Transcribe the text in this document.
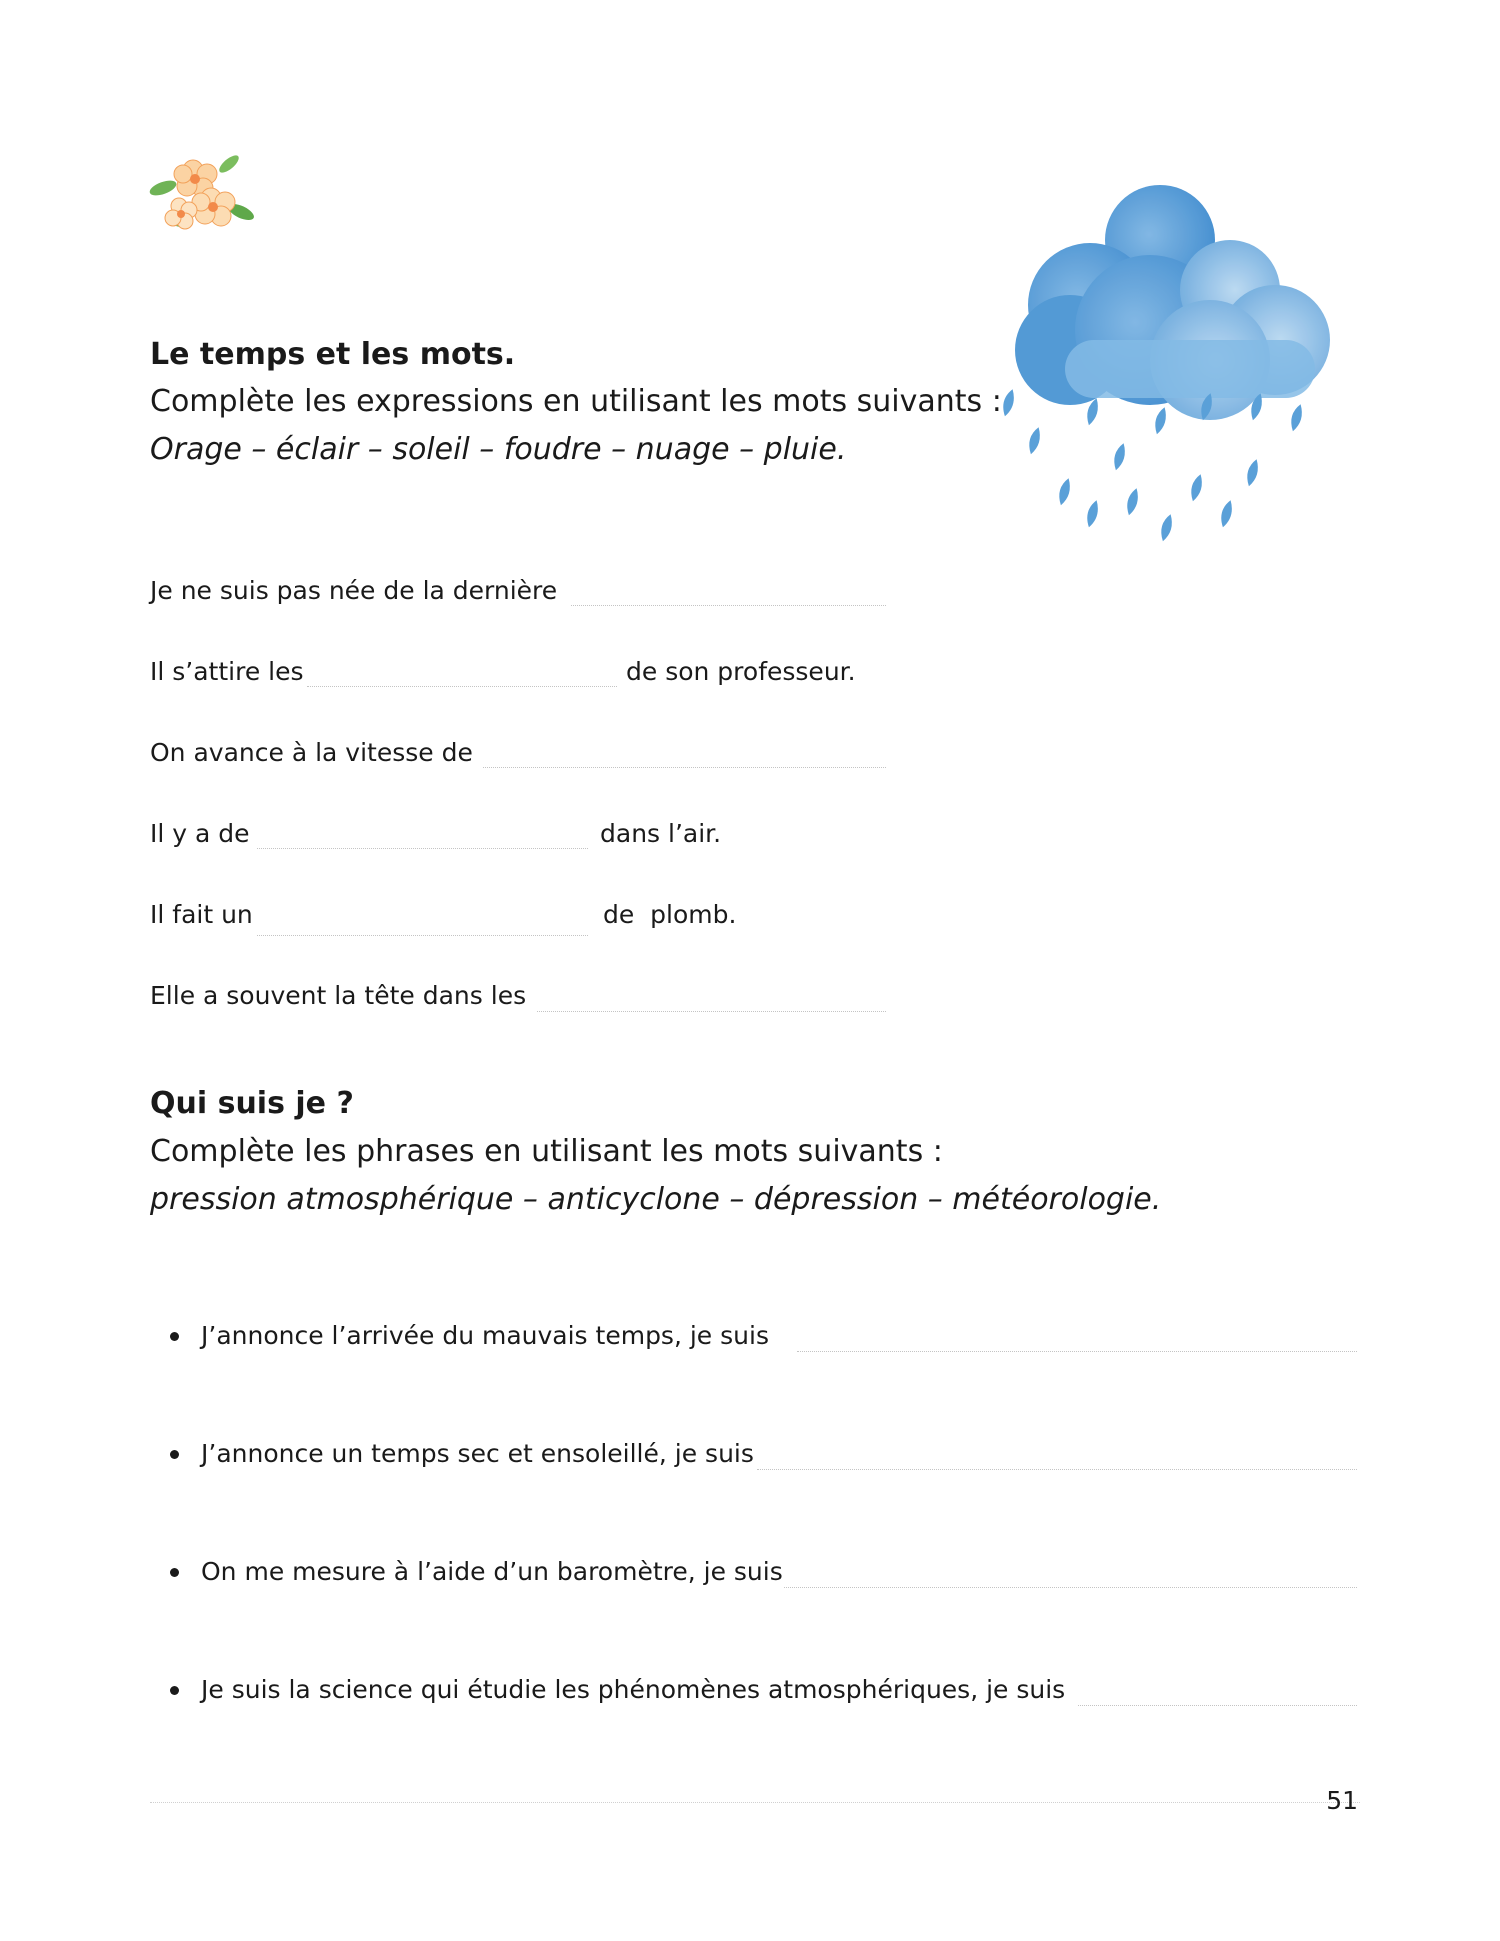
Le temps et les mots.
Complète les expressions en utilisant les mots suivants :
Orage – éclair – soleil – foudre – nuage – pluie.
Je ne suis pas née de la dernière
Il s’attire les	de son professeur.
On avance à la vitesse de
Il y a de	dans l’air.
Il fait un	de  plomb.
Elle a souvent la tête dans les
Qui suis je ?
Complète les phrases en utilisant les mots suivants :
pression atmosphérique – anticyclone – dépression – météorologie.
J’annonce l’arrivée du mauvais temps, je suis
J’annonce un temps sec et ensoleillé, je suis
On me mesure à l’aide d’un baromètre, je suis
Je suis la science qui étudie les phénomènes atmosphériques, je suis
51
